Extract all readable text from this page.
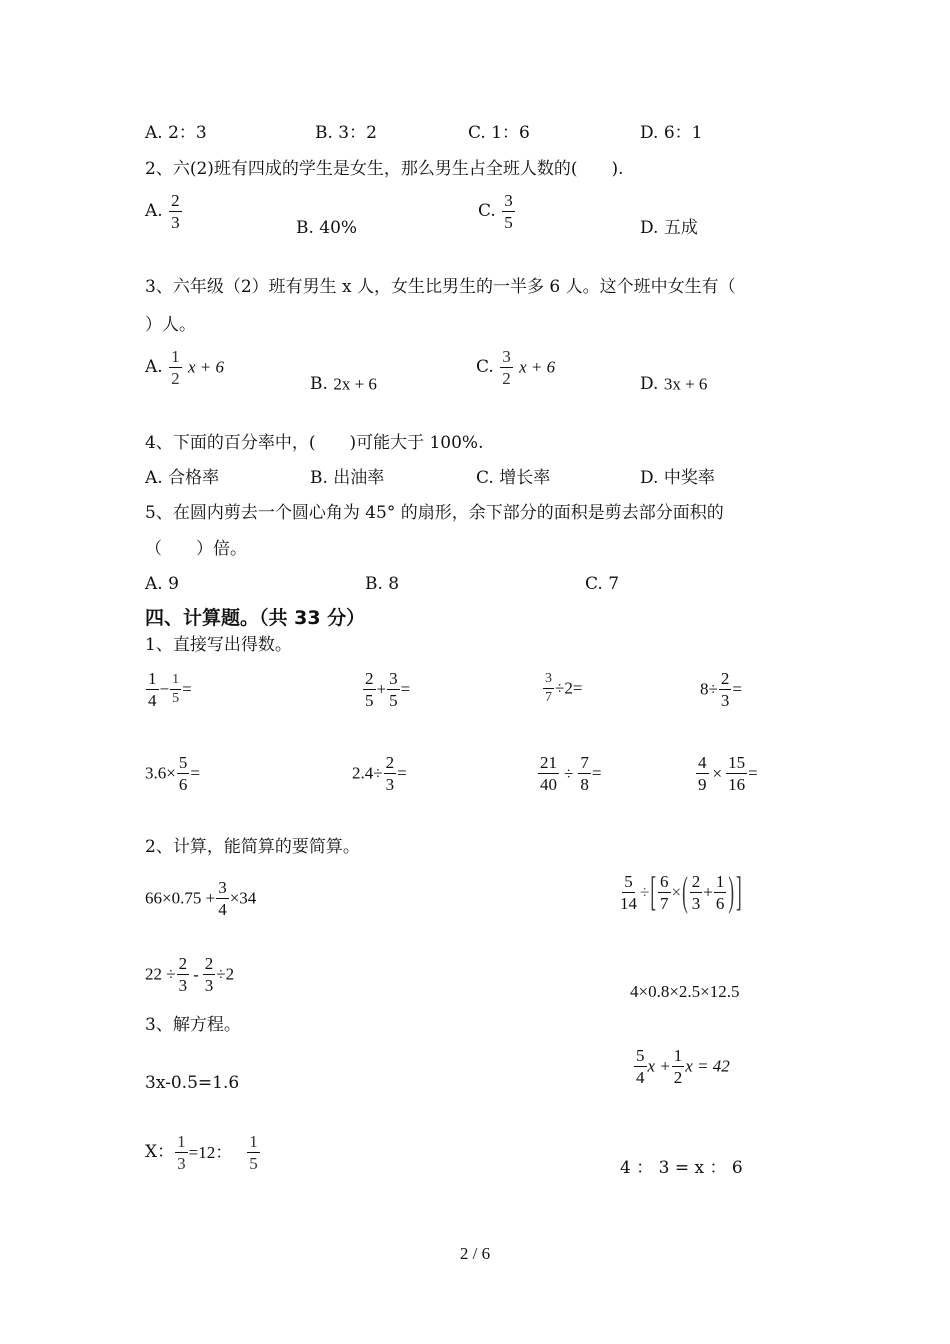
A. 2：3	B. 3：2	C. 1：6	D. 6：1
2、六(2)班有四成的学生是女生，那么男生占全班人数的(　　).
A. $\frac{2}{3}$	B. 40%
C. $\frac{3}{5}$	D. 五成
3、六年级（2）班有男生 x 人，女生比男生的一半多 6 人。这个班中女生有（
）人。
A. $\frac{1}{2}$ x + 6
B. 2x + 6
C. $\frac{3}{2}$ x + 6
D. 3x + 6
4、下面的百分率中，(　　)可能大于 100%.
A. 合格率	B. 出油率	C. 增长率	D. 中奖率
5、在圆内剪去一个圆心角为 45° 的扇形，余下部分的面积是剪去部分面积的
（　　）倍。
A. 9	B. 8	C. 7
四、计算题。（共 33 分）
1、直接写出得数。
$\frac{1}{4} - \frac{1}{5}$ =	$\frac{2}{5} + \frac{3}{5}$ =	$\frac{3}{7} \div 2=$	$8\div \frac{2}{3}$ =
$3.6\times \frac{5}{6}$ =	$2.4\div \frac{2}{3}$ =	$\frac{21}{40} \div \frac{7}{8}$ =	$\frac{4}{9} \times \frac{15}{16}$ =
2、计算，能简算的要简算。
$66\times 0.75 + \frac{3}{4} \times 34$	$\frac{5}{14}$ ÷[ $\frac{6}{7}$ ×( $\frac{2}{3} + \frac{1}{6}$ ) ]
$22 \div \frac{2}{3} - \frac{2}{3} \div 2$
4×0.8×2.5×12.5
3、解方程。
3x-0.5=1.6	$\frac{5}{4}$ $x + \frac{1}{2}$ x = 42
X： $\frac{1}{3} =12$： $\frac{1}{5}$	4 ： 3 = x ： 6
2 / 6
